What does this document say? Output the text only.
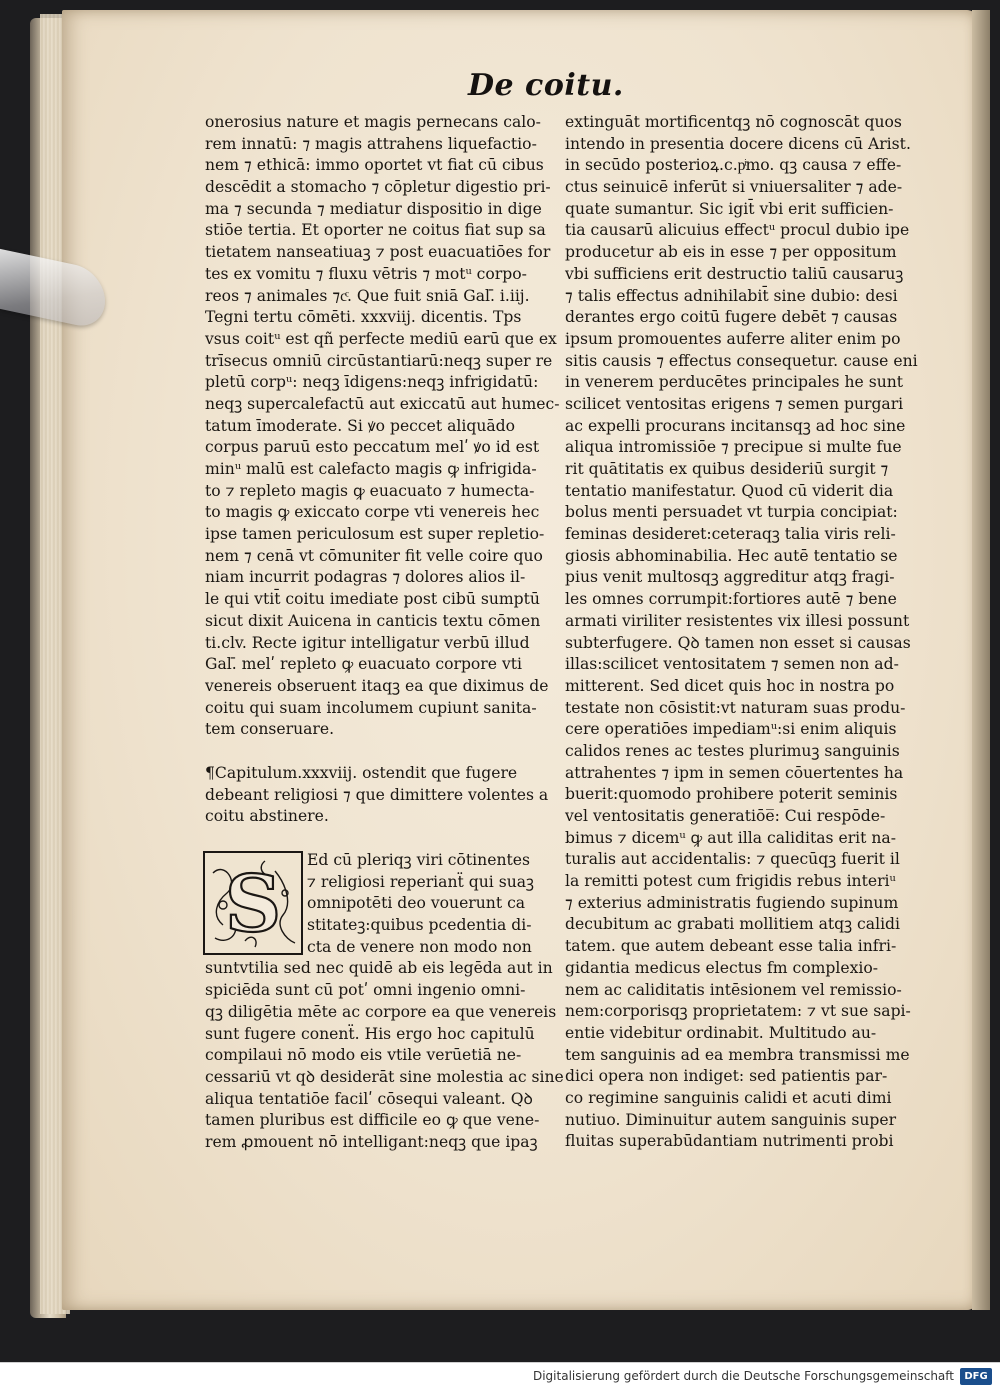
De coitu.
onerosius nature et magis pernecans calo-
rem innatū: ⁊ magis attrahens liquefactio-
nem ⁊ ethicā: immo oportet vt fiat cū cibus
descēdit a stomacho ⁊ cōpletur digestio pri-
ma ⁊ secunda ⁊ mediatur dispositio in dige
stiōe tertia. Et oporter ne coitus fiat sup sa
tietatem nanseatiuaꝫ ⁊ post euacuatiōes for
tes ex vomitu ⁊ fluxu vētris ⁊ motᵘ corpo-
reos ⁊ animales ⁊cͨ. Que fuit sniā Gal.̄ i.iij.
Tegni tertu cōmēti. xxxviij. dicentis. Tps
vsus coitᵘ est qñ perfecte mediū earū que ex
trīsecus omniū circūstantiarū:neqꝫ super re
pletū corpᵘ: neqꝫ īdigens:neqꝫ infrigidatū:
neqꝫ supercalefactū aut exiccatū aut humec-
tatum īmoderate. Si ꝟo peccet aliquādo
corpus paruū esto peccatum melʹ ꝟo id est
minᵘ malū est calefacto magis ꝙ infrigida-
to ⁊ repleto magis ꝙ euacuato ⁊ humecta-
to magis ꝙ exiccato corpe vti venereis hec
ipse tamen periculosum est super repletio-
nem ⁊ cenā vt cōmuniter fit velle coire quo
niam incurrit podagras ⁊ dolores alios il-
le qui vtit̄ coitu imediate post cibū sumptū
sicut dixit Auicena in canticis textu cōmen
ti.clv. Recte igitur intelligatur verbū illud
Gal.̄ melʹ repleto ꝙ euacuato corpore vti
venereis obseruent itaqꝫ ea que diximus de
coitu qui suam incolumem cupiunt sanita-
tem conseruare.
¶Capitulum.xxxviij. ostendit que fugere
debeant religiosi ⁊ que dimittere volentes a
coitu abstinere.
S Ed cū pleriqꝫ viri cōtinentes
⁊ religiosi reperianẗ qui suaꝫ
omnipotēti deo vouerunt ca
stitateꝫ:quibus pcedentia di-
cta de venere non modo non
suntvtilia sed nec quidē ab eis legēda aut in
spiciēda sunt cū potʹ omni ingenio omni-
qꝫ diligētia mēte ac corpore ea que venereis
sunt fugere conenẗ. His ergo hoc capitulū
compilaui nō modo eis vtile verūetiā ne-
cessariū vt qꝺ desiderāt sine molestia ac sine
aliqua tentatiōe facilʹ cōsequi valeant. Qꝺ
tamen pluribus est difficile eo ꝙ que vene-
rem ꝓmouent nō intelligant:neqꝫ que ipaꝫ
extinguāt mortificentqꝫ nō cognoscāt quos
intendo in presentia docere dicens cū Arist.
in secūdo posterioꝝ.c.pͥmo. qꝫ causa ⁊ effe-
ctus seinuicē inferūt si vniuersaliter ⁊ ade-
quate sumantur. Sic igit̄ vbi erit sufficien-
tia causarū alicuius effectᵘ procul dubio ipe
producetur ab eis in esse ⁊ per oppositum
vbi sufficiens erit destructio taliū causaruꝫ
⁊ talis effectus adnihilabit̄ sine dubio: desi
derantes ergo coitū fugere debēt ⁊ causas
ipsum promouentes auferre aliter enim po
sitis causis ⁊ effectus consequetur. cause eni
in venerem perducētes principales he sunt
scilicet ventositas erigens ⁊ semen purgari
ac expelli procurans incitansqꝫ ad hoc sine
aliqua intromissiōe ⁊ precipue si multe fue
rit quātitatis ex quibus desideriū surgit ⁊
tentatio manifestatur. Quod cū viderit dia
bolus menti persuadet vt turpia concipiat:
feminas desideret:ceteraqꝫ talia viris reli-
giosis abhominabilia. Hec autē tentatio se
pius venit multosqꝫ aggreditur atqꝫ fragi-
les omnes corrumpit:fortiores autē ⁊ bene
armati viriliter resistentes vix illesi possunt
subterfugere. Qꝺ tamen non esset si causas
illas:scilicet ventositatem ⁊ semen non ad-
mitterent. Sed dicet quis hoc in nostra po
testate non cōsistit:vt naturam suas produ-
cere operatiōes impediamᵘ:si enim aliquis
calidos renes ac testes plurimuꝫ sanguinis
attrahentes ⁊ ipm in semen cōuertentes ha
buerit:quomodo prohibere poterit seminis
vel ventositatis generatiōe̅: Cui respōde-
bimus ⁊ dicemᵘ ꝙ aut illa caliditas erit na-
turalis aut accidentalis: ⁊ quecūqꝫ fuerit il
la remitti potest cum frigidis rebus interiᵘ
⁊ exterius administratis fugiendo supinum
decubitum ac grabati mollitiem atqꝫ calidi
tatem. que autem debeant esse talia infri-
gidantia medicus electus fm complexio-
nem ac caliditatis intēsionem vel remissio-
nem:corporisqꝫ proprietatem: ⁊ vt sue sapi-
entie videbitur ordinabit. Multitudo au-
tem sanguinis ad ea membra transmissi me
dici opera non indiget: sed patientis par-
co regimine sanguinis calidi et acuti dimi
nutiuo. Diminuitur autem sanguinis super
fluitas superabūdantiam nutrimenti probi
Digitalisierung gefördert durch die Deutsche Forschungsgemeinschaft	DFG
